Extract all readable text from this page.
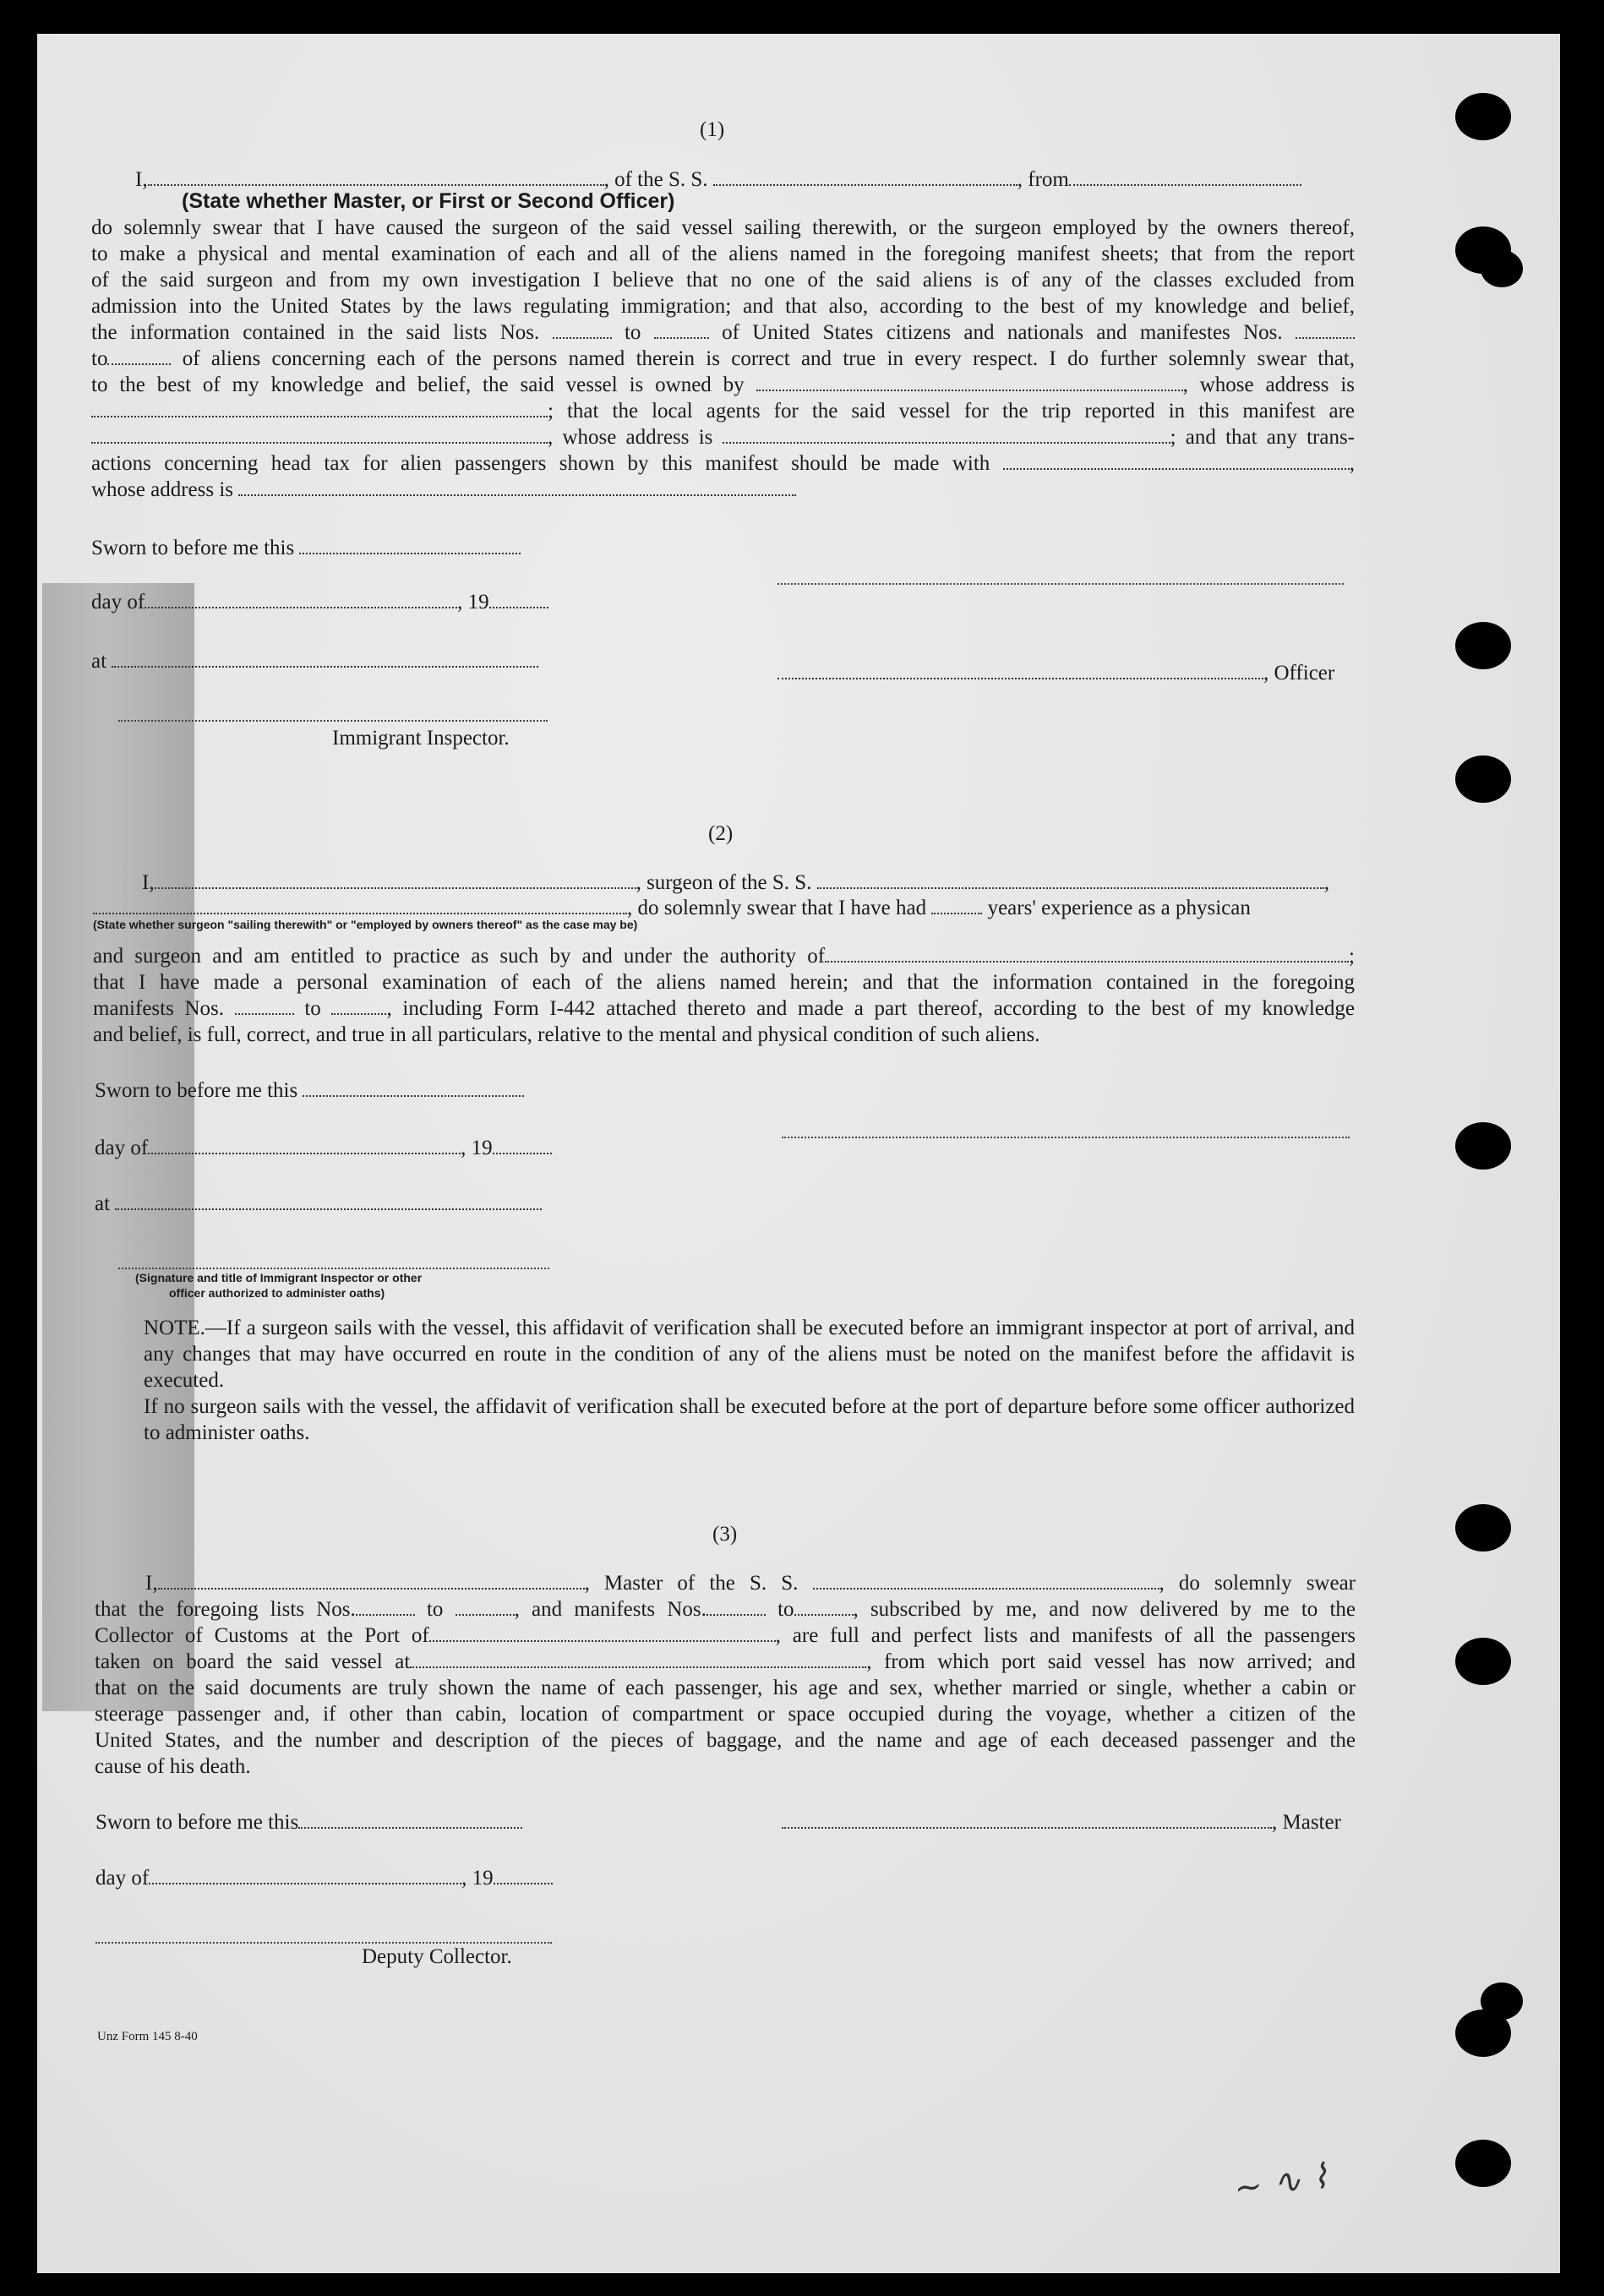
(1)
I,	, of the S. S.	, from
(State whether Master, or First or Second Officer)
do solemnly swear that I have caused the surgeon of the said vessel sailing therewith, or the surgeon employed by the owners thereof,
to make a physical and mental examination of each and all of the aliens named in the foregoing manifest sheets; that from the report
of the said surgeon and from my own investigation I believe that no one of the said aliens is of any of the classes excluded from
admission into the United States by the laws regulating immigration; and that also, according to the best of my knowledge and belief,
the information contained in the said lists Nos.	to	of United States citizens and nationals and manifestes Nos.
to	of aliens concerning each of the persons named therein is correct and true in every respect. I do further solemnly swear that,
to the best of my knowledge and belief, the said vessel is owned by	, whose address is
; that the local agents for the said vessel for the trip reported in this manifest are
, whose address is	; and that any trans-
actions concerning head tax for alien passengers shown by this manifest should be made with	,
whose address is
Sworn to before me this
day of	, 19
at
, Officer
Immigrant Inspector.
(2)
I,	, surgeon of the S. S.	,
, do solemnly swear that I have had	years' experience as a physican
(State whether surgeon "sailing therewith" or "employed by owners thereof" as the case may be)
and surgeon and am entitled to practice as such by and under the authority of	;
that I have made a personal examination of each of the aliens named herein; and that the information contained in the foregoing
manifests Nos.	to	, including Form I-442 attached thereto and made a part thereof, according to the best of my knowledge
and belief, is full, correct, and true in all particulars, relative to the mental and physical condition of such aliens.
Sworn to before me this
day of	, 19
at
(Signature and title of Immigrant Inspector or other
officer authorized to administer oaths)
NOTE.—If a surgeon sails with the vessel, this affidavit of verification shall be executed before an immigrant inspector at port of arrival, and any changes that may have occurred en route in the condition of any of the aliens must be noted on the manifest before the affidavit is executed.
If no surgeon sails with the vessel, the affidavit of verification shall be executed before at the port of departure before some officer authorized to administer oaths.
(3)
I,	, Master of the S. S.	, do solemnly swear
that the foregoing lists Nos.	to	, and manifests Nos.	to	, subscribed by me, and now delivered by me to the
Collector of Customs at the Port of	, are full and perfect lists and manifests of all the passengers
taken on board the said vessel at	, from which port said vessel has now arrived; and
that on the said documents are truly shown the name of each passenger, his age and sex, whether married or single, whether a cabin or
steerage passenger and, if other than cabin, location of compartment or space occupied during the voyage, whether a citizen of the
United States, and the number and description of the pieces of baggage, and the name and age of each deceased passenger and the
cause of his death.
Sworn to before me this	, Master
day of	, 19
Deputy Collector.
Unz Form 145 8-40
~ ∿ ⌇
